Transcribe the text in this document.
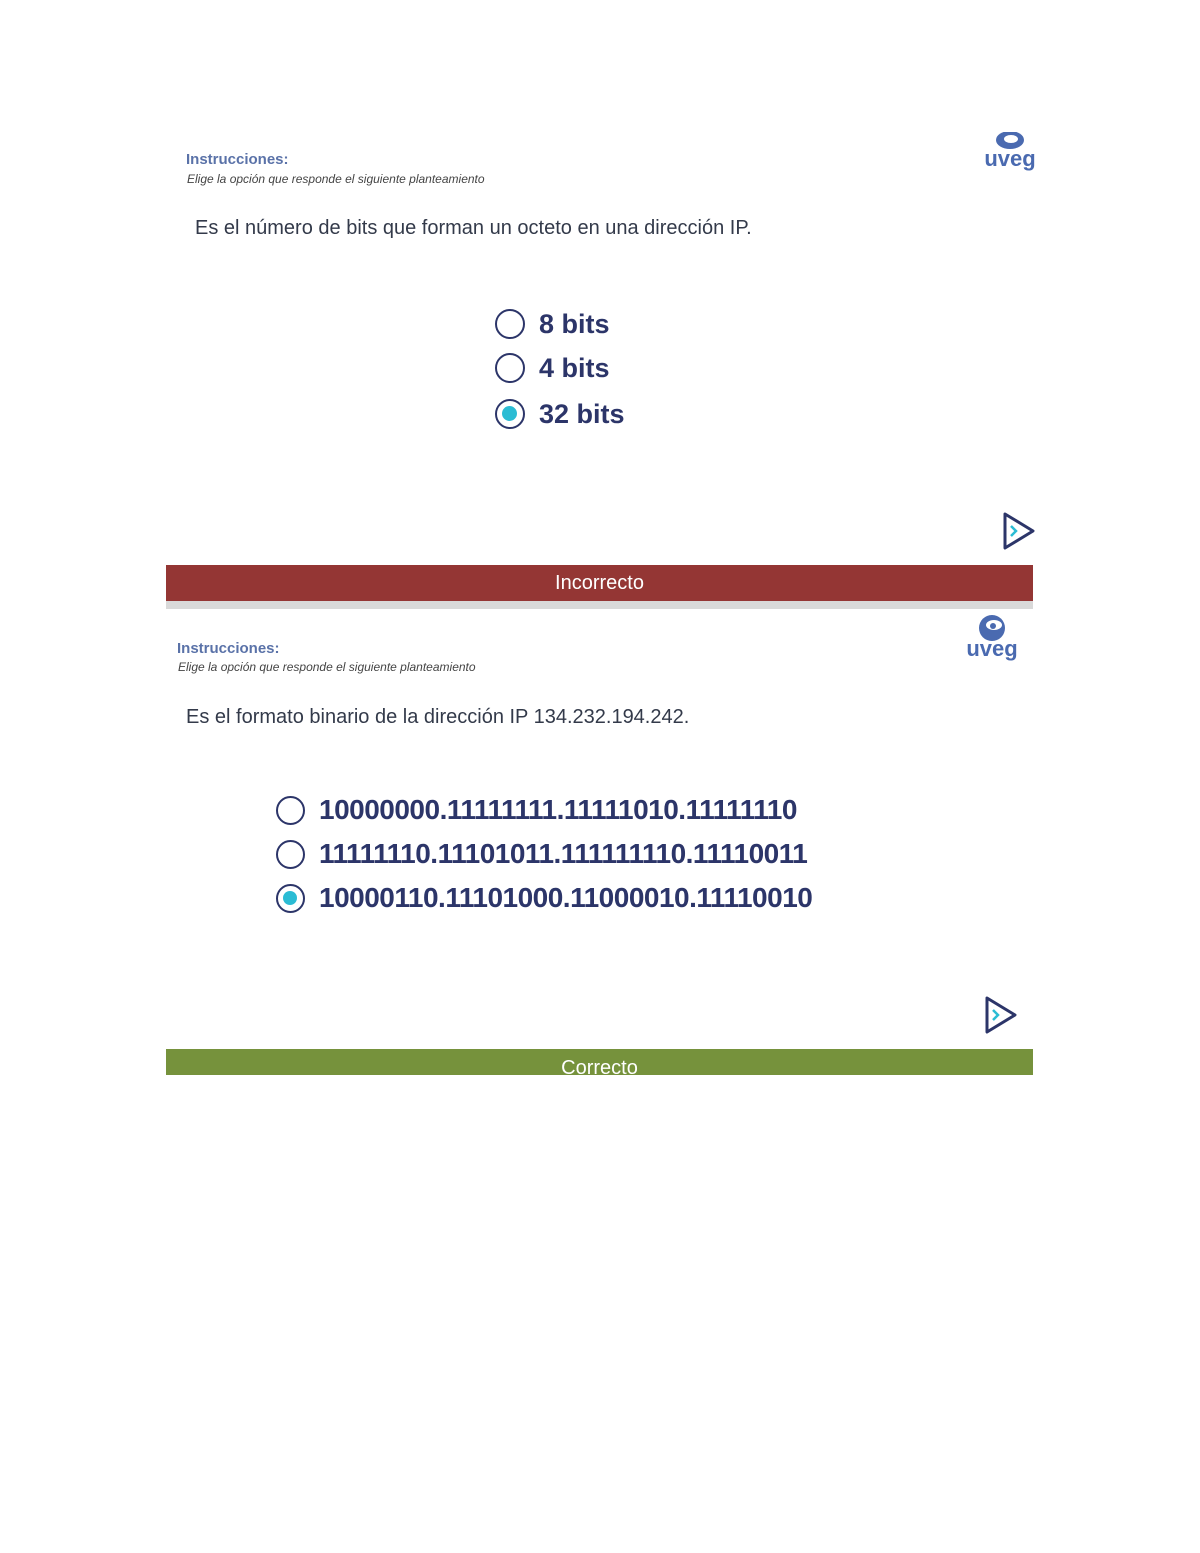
Instrucciones:
Elige la opción que responde el siguiente planteamiento
uveg
Es el número de bits que forman un octeto en una dirección IP.
8 bits
4 bits
32 bits
Incorrecto
Instrucciones:
Elige la opción que responde el siguiente planteamiento
uveg
Es el formato binario de la dirección IP 134.232.194.242.
10000000.11111111.11111010.11111110
11111110.11101011.111111110.11110011
10000110.11101000.11000010.11110010
Correcto
